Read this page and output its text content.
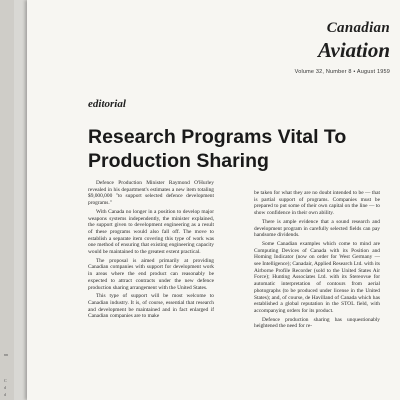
nn
C
d
d
Canadian
Aviation
Volume 32, Number 8 • August 1959
editorial
Research Programs Vital To Production Sharing

Defence Production Minister Raymond O'Hurley revealed in his department's estimates a new item totaling $9,000,000 "to support selected defence development programs."

With Canada no longer in a position to develop major weapons systems independently, the minister explained, the support given to development engineering as a result of these programs would also fall off. The move to establish a separate item covering this type of work was one method of ensuring that existing engineering capacity would be maintained to the greatest extent practical.

The proposal is aimed primarily at providing Canadian companies with support for development work in areas where the end product can reasonably be expected to attract contracts under the new defence production sharing arrangement with the United States.

This type of support will be most welcome to Canadian industry. It is, of course, essential that research and development be maintained and in fact enlarged if Canadian companies are to make

be taken for what they are no doubt intended to be — that is partial support of programs. Companies must be prepared to put some of their own capital on the line — to show confidence in their own ability.

There is ample evidence that a sound research and development program in carefully selected fields can pay handsome dividends.

Some Canadian examples which come to mind are Computing Devices of Canada with its Position and Homing Indicator (now on order for West Germany — see Intelligence); Canadair, Applied Research Ltd. with its Airborne Profile Recorder (sold to the United States Air Force); Hunting Associates Ltd. with its Stereovue for automatic interpretation of contours from aerial photographs (to be produced under license in the United States); and, of course, de Havilland of Canada which has established a global reputation in the STOL field, with accompanying orders for its product.

Defence production sharing has unquestionably heightened the need for re-
